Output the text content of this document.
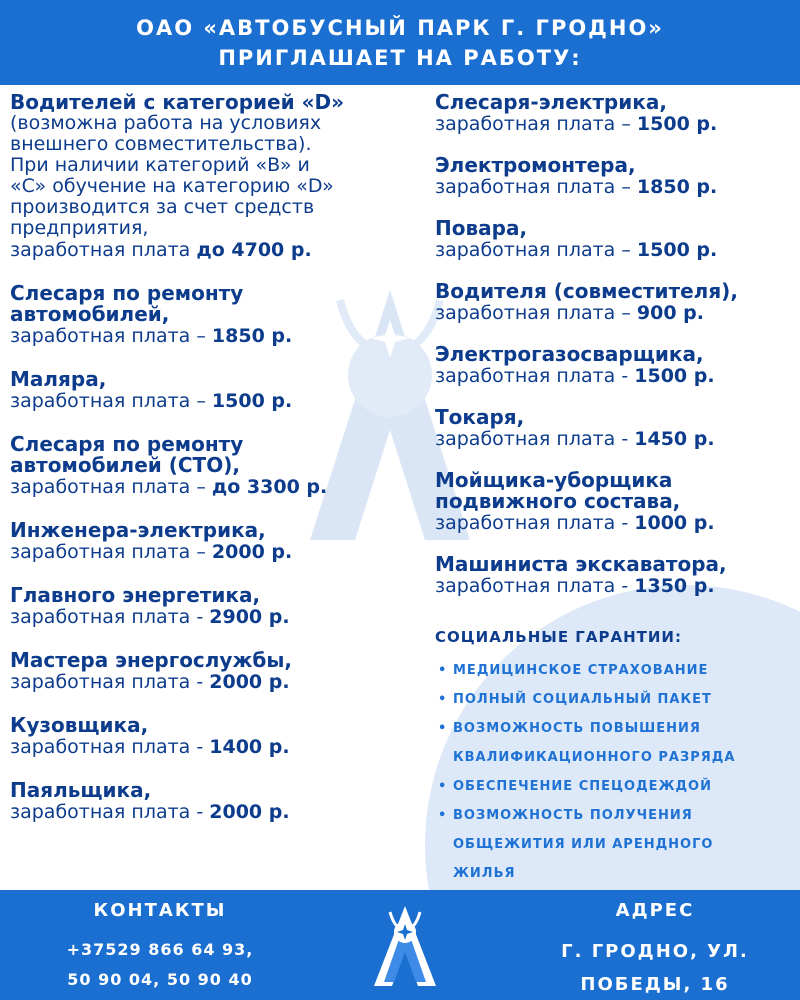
ОАО «АВТОБУСНЫЙ ПАРК Г. ГРОДНО»
ПРИГЛАШАЕТ НА РАБОТУ:
Водителей с категорией «D»
(возможна работа на условиях
внешнего совместительства).
При наличии категорий «B» и
«C» обучение на категорию «D»
производится за счет средств
предприятия,
заработная плата до 4700 р.
Слесаря по ремонту
автомобилей,
заработная плата – 1850 р.
Маляра,
заработная плата – 1500 р.
Слесаря по ремонту
автомобилей (СТО),
заработная плата – до 3300 р.
Инженера-электрика,
заработная плата – 2000 р.
Главного энергетика,
заработная плата - 2900 р.
Мастера энергослужбы,
заработная плата - 2000 р.
Кузовщика,
заработная плата - 1400 р.
Паяльщика,
заработная плата - 2000 р.
Слесаря-электрика,
заработная плата – 1500 р.
Электромонтера,
заработная плата – 1850 р.
Повара,
заработная плата – 1500 р.
Водителя (совместителя),
заработная плата – 900 р.
Электрогазосварщика,
заработная плата - 1500 р.
Токаря,
заработная плата - 1450 р.
Мойщика-уборщика
подвижного состава,
заработная плата - 1000 р.
Машиниста экскаватора,
заработная плата - 1350 р.
СОЦИАЛЬНЫЕ ГАРАНТИИ:
• МЕДИЦИНСКОЕ СТРАХОВАНИЕ
• ПОЛНЫЙ СОЦИАЛЬНЫЙ ПАКЕТ
• ВОЗМОЖНОСТЬ ПОВЫШЕНИЯ
КВАЛИФИКАЦИОННОГО РАЗРЯДА
• ОБЕСПЕЧЕНИЕ СПЕЦОДЕЖДОЙ
• ВОЗМОЖНОСТЬ ПОЛУЧЕНИЯ
ОБЩЕЖИТИЯ ИЛИ АРЕНДНОГО
ЖИЛЬЯ
КОНТАКТЫ
+37529 866 64 93,
50 90 04, 50 90 40
АДРЕС
Г. ГРОДНО, УЛ.
ПОБЕДЫ, 16
